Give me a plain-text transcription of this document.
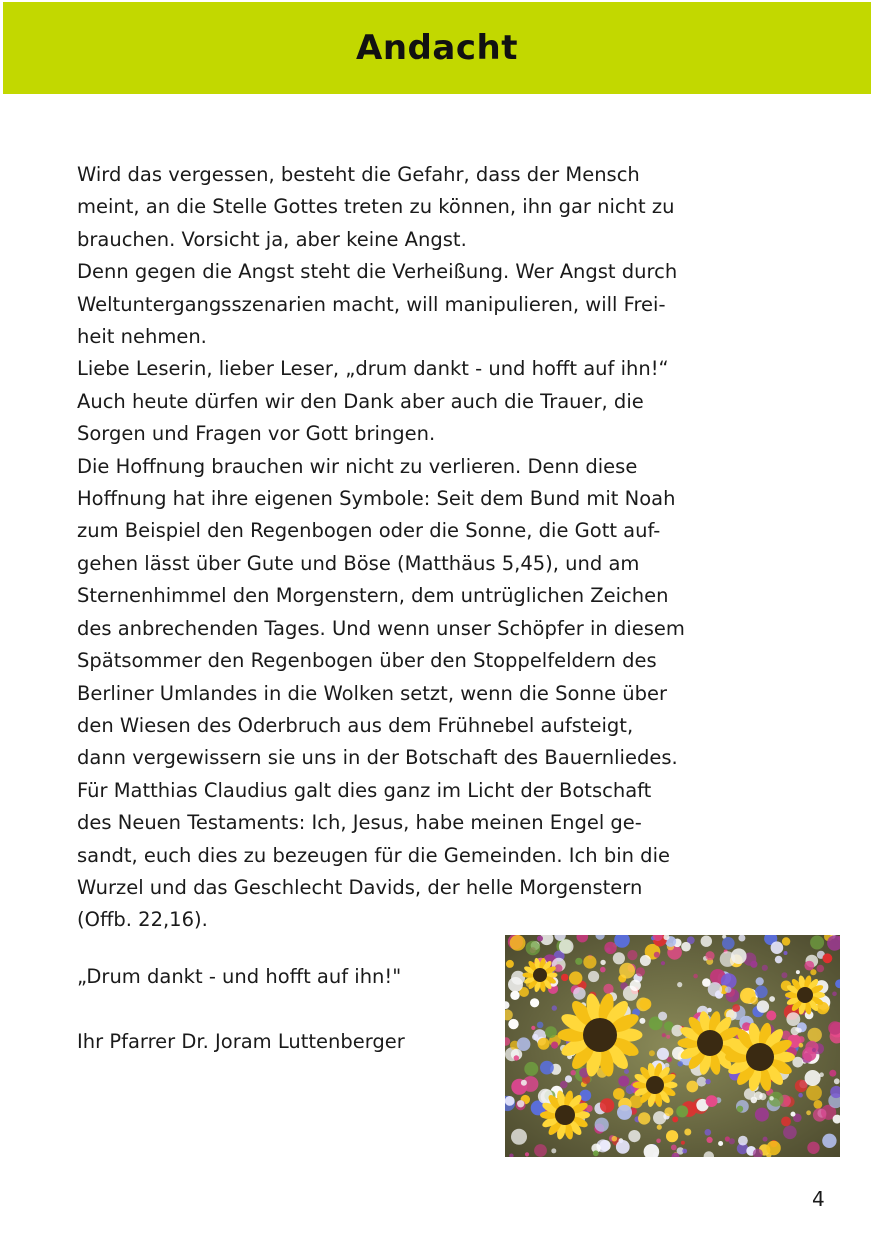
Andacht
Wird das vergessen, besteht die Gefahr, dass der Mensch
meint, an die Stelle Gottes treten zu können, ihn gar nicht zu
brauchen. Vorsicht ja, aber keine Angst.
Denn gegen die Angst steht die Verheißung. Wer Angst durch
Weltuntergangsszenarien macht, will manipulieren, will Frei-
heit nehmen.
Liebe Leserin, lieber Leser, „drum dankt - und hofft auf ihn!“
Auch heute dürfen wir den Dank aber auch die Trauer, die
Sorgen und Fragen vor Gott bringen.
Die Hoffnung brauchen wir nicht zu verlieren. Denn diese
Hoffnung hat ihre eigenen Symbole: Seit dem Bund mit Noah
zum Beispiel den Regenbogen oder die Sonne, die Gott auf-
gehen lässt über Gute und Böse (Matthäus 5,45), und am
Sternenhimmel den Morgenstern, dem untrüglichen Zeichen
des anbrechenden Tages. Und wenn unser Schöpfer in diesem
Spätsommer den Regenbogen über den Stoppelfeldern des
Berliner Umlandes in die Wolken setzt, wenn die Sonne über
den Wiesen des Oderbruch aus dem Frühnebel aufsteigt,
dann vergewissern sie uns in der Botschaft des Bauernliedes.
Für Matthias Claudius galt dies ganz im Licht der Botschaft
des Neuen Testaments: Ich, Jesus, habe meinen Engel ge-
sandt, euch dies zu bezeugen für die Gemeinden. Ich bin die
Wurzel und das Geschlecht Davids, der helle Morgenstern
(Offb. 22,16).
„Drum dankt - und hofft auf ihn!"
Ihr Pfarrer Dr. Joram Luttenberger
4
